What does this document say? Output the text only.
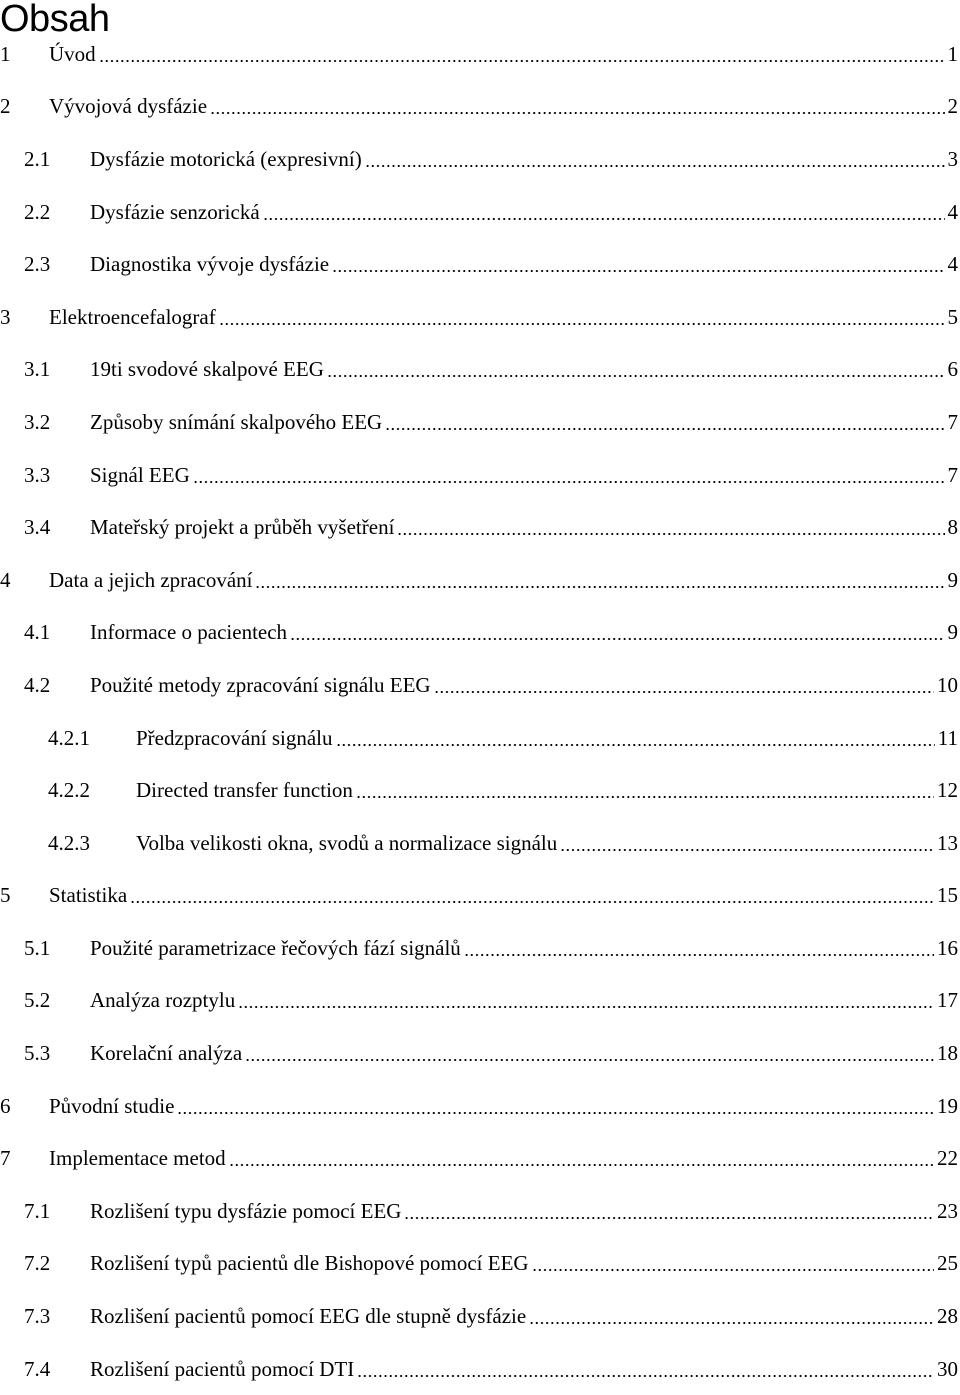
Obsah
1 Úvod	1
2 Vývojová dysfázie	2
2.1 Dysfázie motorická (expresivní)	3
2.2 Dysfázie senzorická	4
2.3 Diagnostika vývoje dysfázie	4
3 Elektroencefalograf	5
3.1 19ti svodové skalpové EEG	6
3.2 Způsoby snímání skalpového EEG	7
3.3 Signál EEG	7
3.4 Mateřský projekt a průběh vyšetření	8
4 Data a jejich zpracování	9
4.1 Informace o pacientech	9
4.2 Použité metody zpracování signálu EEG	10
4.2.1 Předzpracování signálu	11
4.2.2 Directed transfer function	12
4.2.3 Volba velikosti okna, svodů a normalizace signálu	13
5 Statistika	15
5.1 Použité parametrizace řečových fází signálů	16
5.2 Analýza rozptylu	17
5.3 Korelační analýza	18
6 Původní studie	19
7 Implementace metod	22
7.1 Rozlišení typu dysfázie pomocí EEG	23
7.2 Rozlišení typů pacientů dle Bishopové pomocí EEG	25
7.3 Rozlišení pacientů pomocí EEG dle stupně dysfázie	28
7.4 Rozlišení pacientů pomocí DTI	30
